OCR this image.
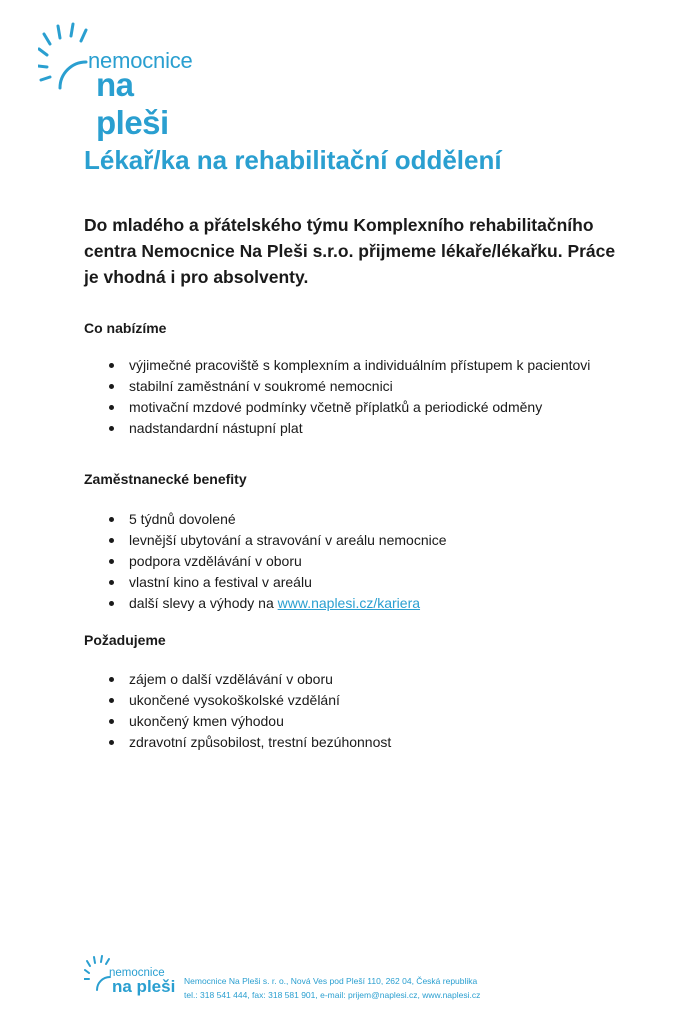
nemocnice
na pleši
Lékař/ka na rehabilitační oddělení

Do mladého a přátelského týmu Komplexního rehabilitačního centra Nemocnice Na Pleši s.r.o. přijmeme lékaře/lékařku. Práce je vhodná i pro absolventy.

Co nabízíme
výjimečné pracoviště s komplexním a individuálním přístupem k pacientovi
stabilní zaměstnání v soukromé nemocnici
motivační mzdové podmínky včetně příplatků a periodické odměny
nadstandardní nástupní plat
Zaměstnanecké benefity
5 týdnů dovolené
levnější ubytování a stravování v areálu nemocnice
podpora vzdělávání v oboru
vlastní kino a festival v areálu
další slevy a výhody na www.naplesi.cz/kariera
Požadujeme
zájem o další vzdělávání v oboru
ukončené vysokoškolské vzdělání
ukončený kmen výhodou
zdravotní způsobilost, trestní bezúhonnost
nemocnice
na pleši Nemocnice Na Pleši s. r. o., Nová Ves pod Pleší 110, 262 04, Česká republika
tel.: 318 541 444, fax: 318 581 901, e-mail: prijem@naplesi.cz, www.naplesi.cz
